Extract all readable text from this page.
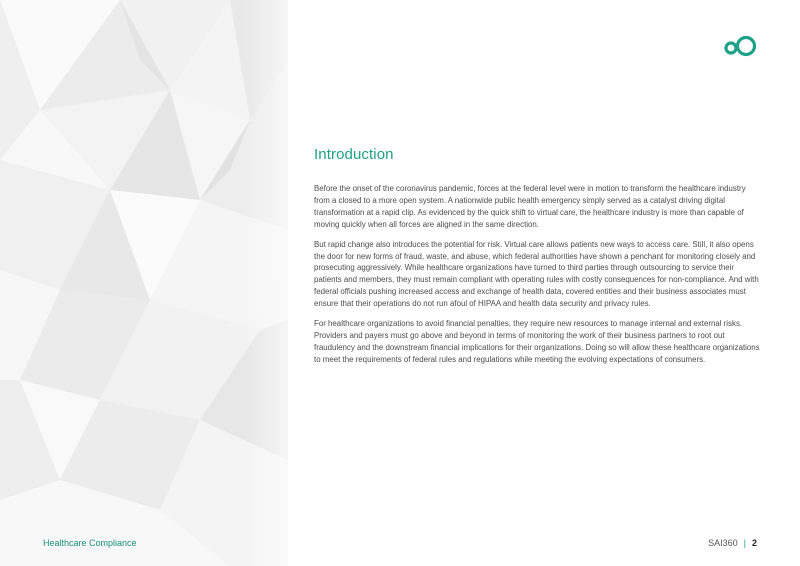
Introduction

Before the onset of the coronavirus pandemic, forces at the federal level were in motion to transform the healthcare industry from a closed to a more open system. A nationwide public health emergency simply served as a catalyst driving digital transformation at a rapid clip. As evidenced by the quick shift to virtual care, the healthcare industry is more than capable of moving quickly when all forces are aligned in the same direction.

But rapid change also introduces the potential for risk. Virtual care allows patients new ways to access care. Still, it also opens the door for new forms of fraud, waste, and abuse, which federal authorities have shown a penchant for monitoring closely and prosecuting aggressively. While healthcare organizations have turned to third parties through outsourcing to service their patients and members, they must remain compliant with operating rules with costly consequences for non-compliance. And with federal officials pushing increased access and exchange of health data, covered entities and their business associates must ensure that their operations do not run afoul of HIPAA and health data security and privacy rules.

For healthcare organizations to avoid financial penalties, they require new resources to manage internal and external risks. Providers and payers must go above and beyond in terms of monitoring the work of their business partners to root out fraudulency and the downstream financial implications for their organizations. Doing so will allow these healthcare organizations to meet the requirements of federal rules and regulations while meeting the evolving expectations of consumers.

Healthcare Compliance	SAI360 | 2
